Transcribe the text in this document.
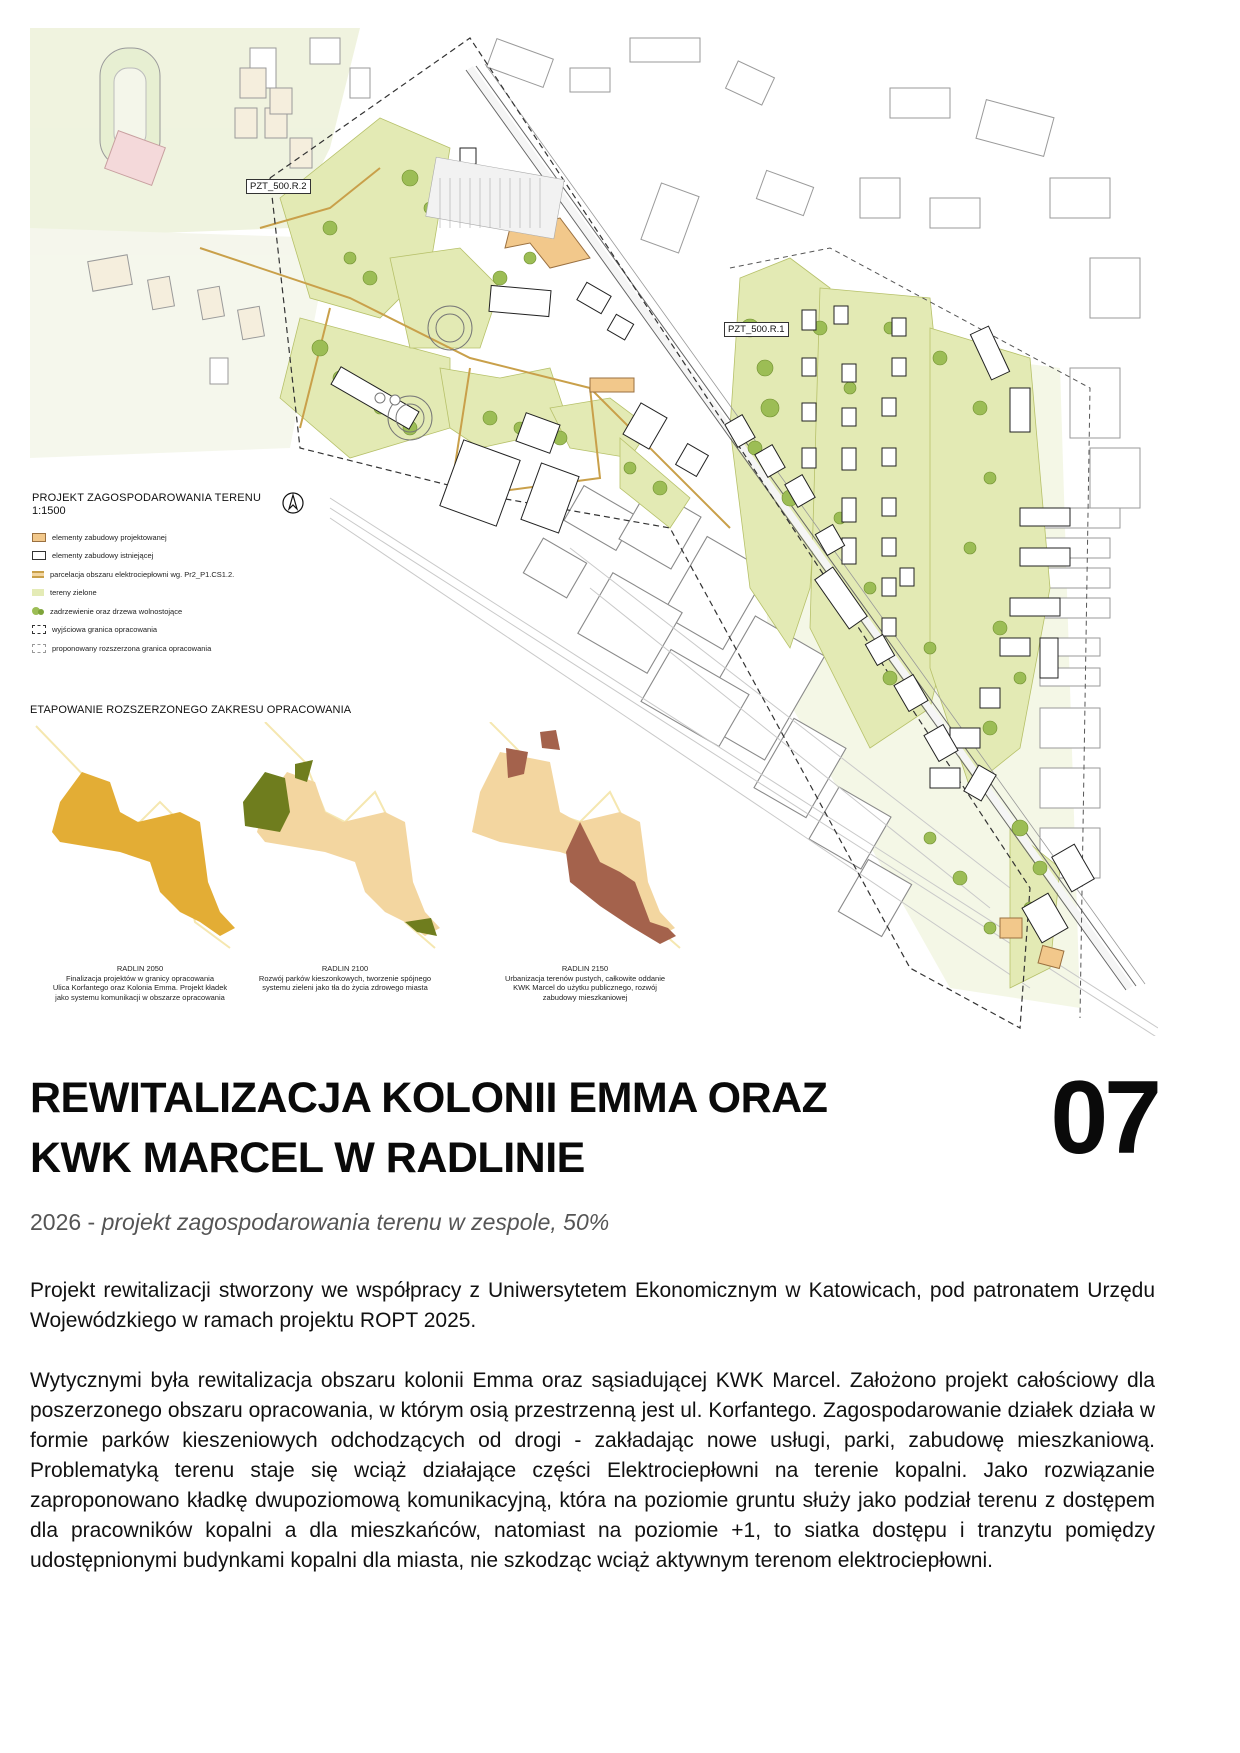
PZT_500.R.2
PZT_500.R.1
PROJEKT ZAGOSPODAROWANIA TERENU
1:1500
elementy zabudowy projektowanej
elementy zabudowy istniejącej
parcelacja obszaru elektrociepłowni wg. Pr2_P1.CS1.2.
tereny zielone
zadrzewienie oraz drzewa wolnostojące
wyjściowa granica opracowania
proponowany rozszerzona granica opracowania
ETAPOWANIE ROZSZERZONEGO ZAKRESU OPRACOWANIA
RADLIN 2050
Finalizacja projektów w granicy opracowania
Ulica Korfantego oraz Kolonia Emma. Projekt kładek
jako systemu komunikacji w obszarze opracowania
RADLIN 2100
Rozwój parków kieszonkowych, tworzenie spójnego
systemu zieleni jako tła do życia zdrowego miasta
RADLIN 2150
Urbanizacja terenów pustych, całkowite oddanie
KWK Marcel do użytku publicznego, rozwój
zabudowy mieszkaniowej
REWITALIZACJA KOLONII EMMA ORAZ
KWK MARCEL W RADLINIE	07
2026 - projekt zagospodarowania terenu w zespole, 50%
Projekt rewitalizacji stworzony we współpracy z Uniwersytetem Ekonomicznym w Katowicach, pod patronatem Urzędu Wojewódzkiego w ramach projektu ROPT 2025.
Wytycznymi była rewitalizacja obszaru kolonii Emma oraz sąsiadującej KWK Marcel. Założono projekt całościowy dla poszerzonego obszaru opracowania, w którym osią przestrzenną jest ul. Korfantego. Zagospodarowanie działek działa w formie parków kieszeniowych odchodzących od drogi - zakładając nowe usługi, parki, zabudowę mieszkaniową. Problematyką terenu staje się wciąż działające części Elektrociepłowni na terenie kopalni. Jako rozwiązanie zaproponowano kładkę dwupoziomową komunikacyjną, która na poziomie gruntu służy jako podział terenu z dostępem dla pracowników kopalni a dla mieszkańców, natomiast na poziomie +1, to siatka dostępu i tranzytu pomiędzy udostępnionymi budynkami kopalni dla miasta, nie szkodząc wciąż aktywnym terenom elektrociepłowni.
